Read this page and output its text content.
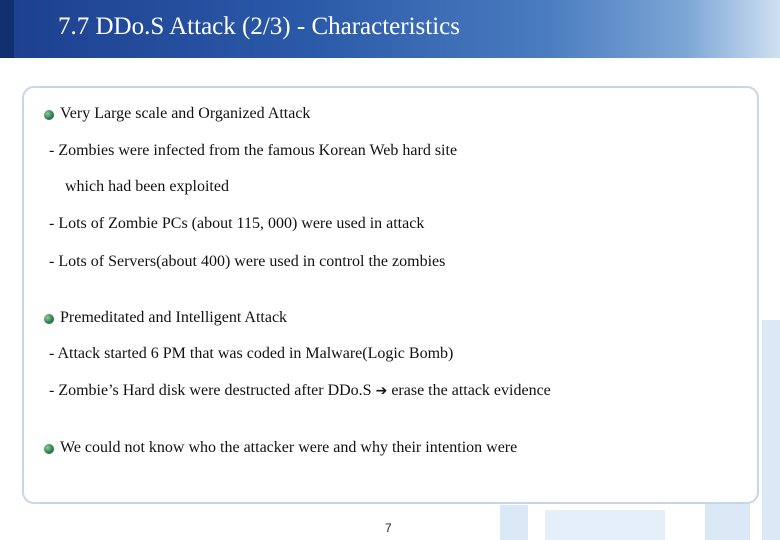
7.7 DDo.S Attack (2/3) - Characteristics
Very Large scale and Organized Attack
- Zombies were infected from the famous Korean Web hard site
which had been exploited
- Lots of Zombie PCs (about 115, 000) were used in attack
- Lots of Servers(about 400) were used in control the zombies
Premeditated and Intelligent Attack
- Attack started 6 PM that was coded in Malware(Logic Bomb)
- Zombie’s Hard disk were destructed after DDo.S ➔ erase the attack evidence
We could not know who the attacker were and why their intention were
7
